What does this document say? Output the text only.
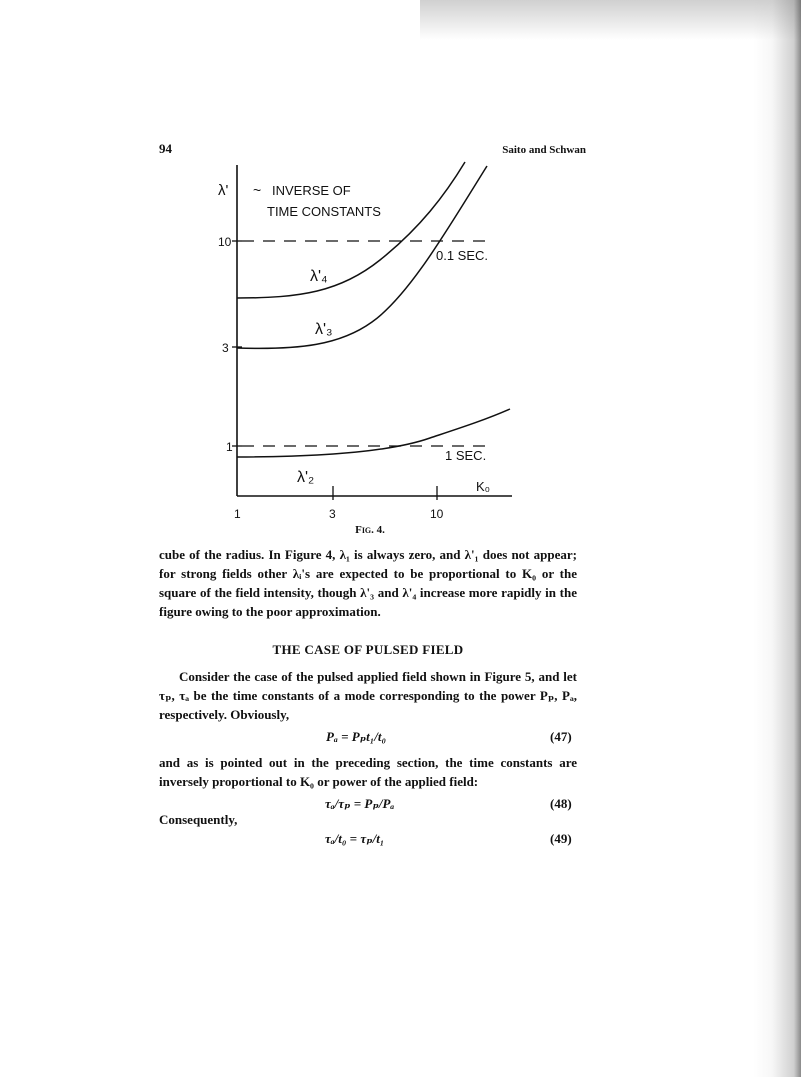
94	Saito and Schwan
λ' ~ INVERSE OF
TIME CONSTANTS
10
3
1
1	3	10
K₀
λ'₄
λ'₃
λ'₂
0.1 SEC.
1 SEC.
Fig. 4.
cube of the radius. In Figure 4, λ₁ is always zero, and λ'₁ does not appear; for strong fields other λᵢ's are expected to be proportional to K₀ or the square of the field intensity, though λ'₃ and λ'₄ increase more rapidly in the figure owing to the poor approximation.
THE CASE OF PULSED FIELD
Consider the case of the pulsed applied field shown in Figure 5, and let τₚ, τₐ be the time constants of a mode corresponding to the power Pₚ, Pₐ, respectively. Obviously,
Pₐ = Pₚt₁/t₀	(47)
and as is pointed out in the preceding section, the time constants are inversely proportional to K₀ or power of the applied field:
τₐ/τₚ = Pₚ/Pₐ	(48)
Consequently,
τₐ/t₀ = τₚ/t₁	(49)
